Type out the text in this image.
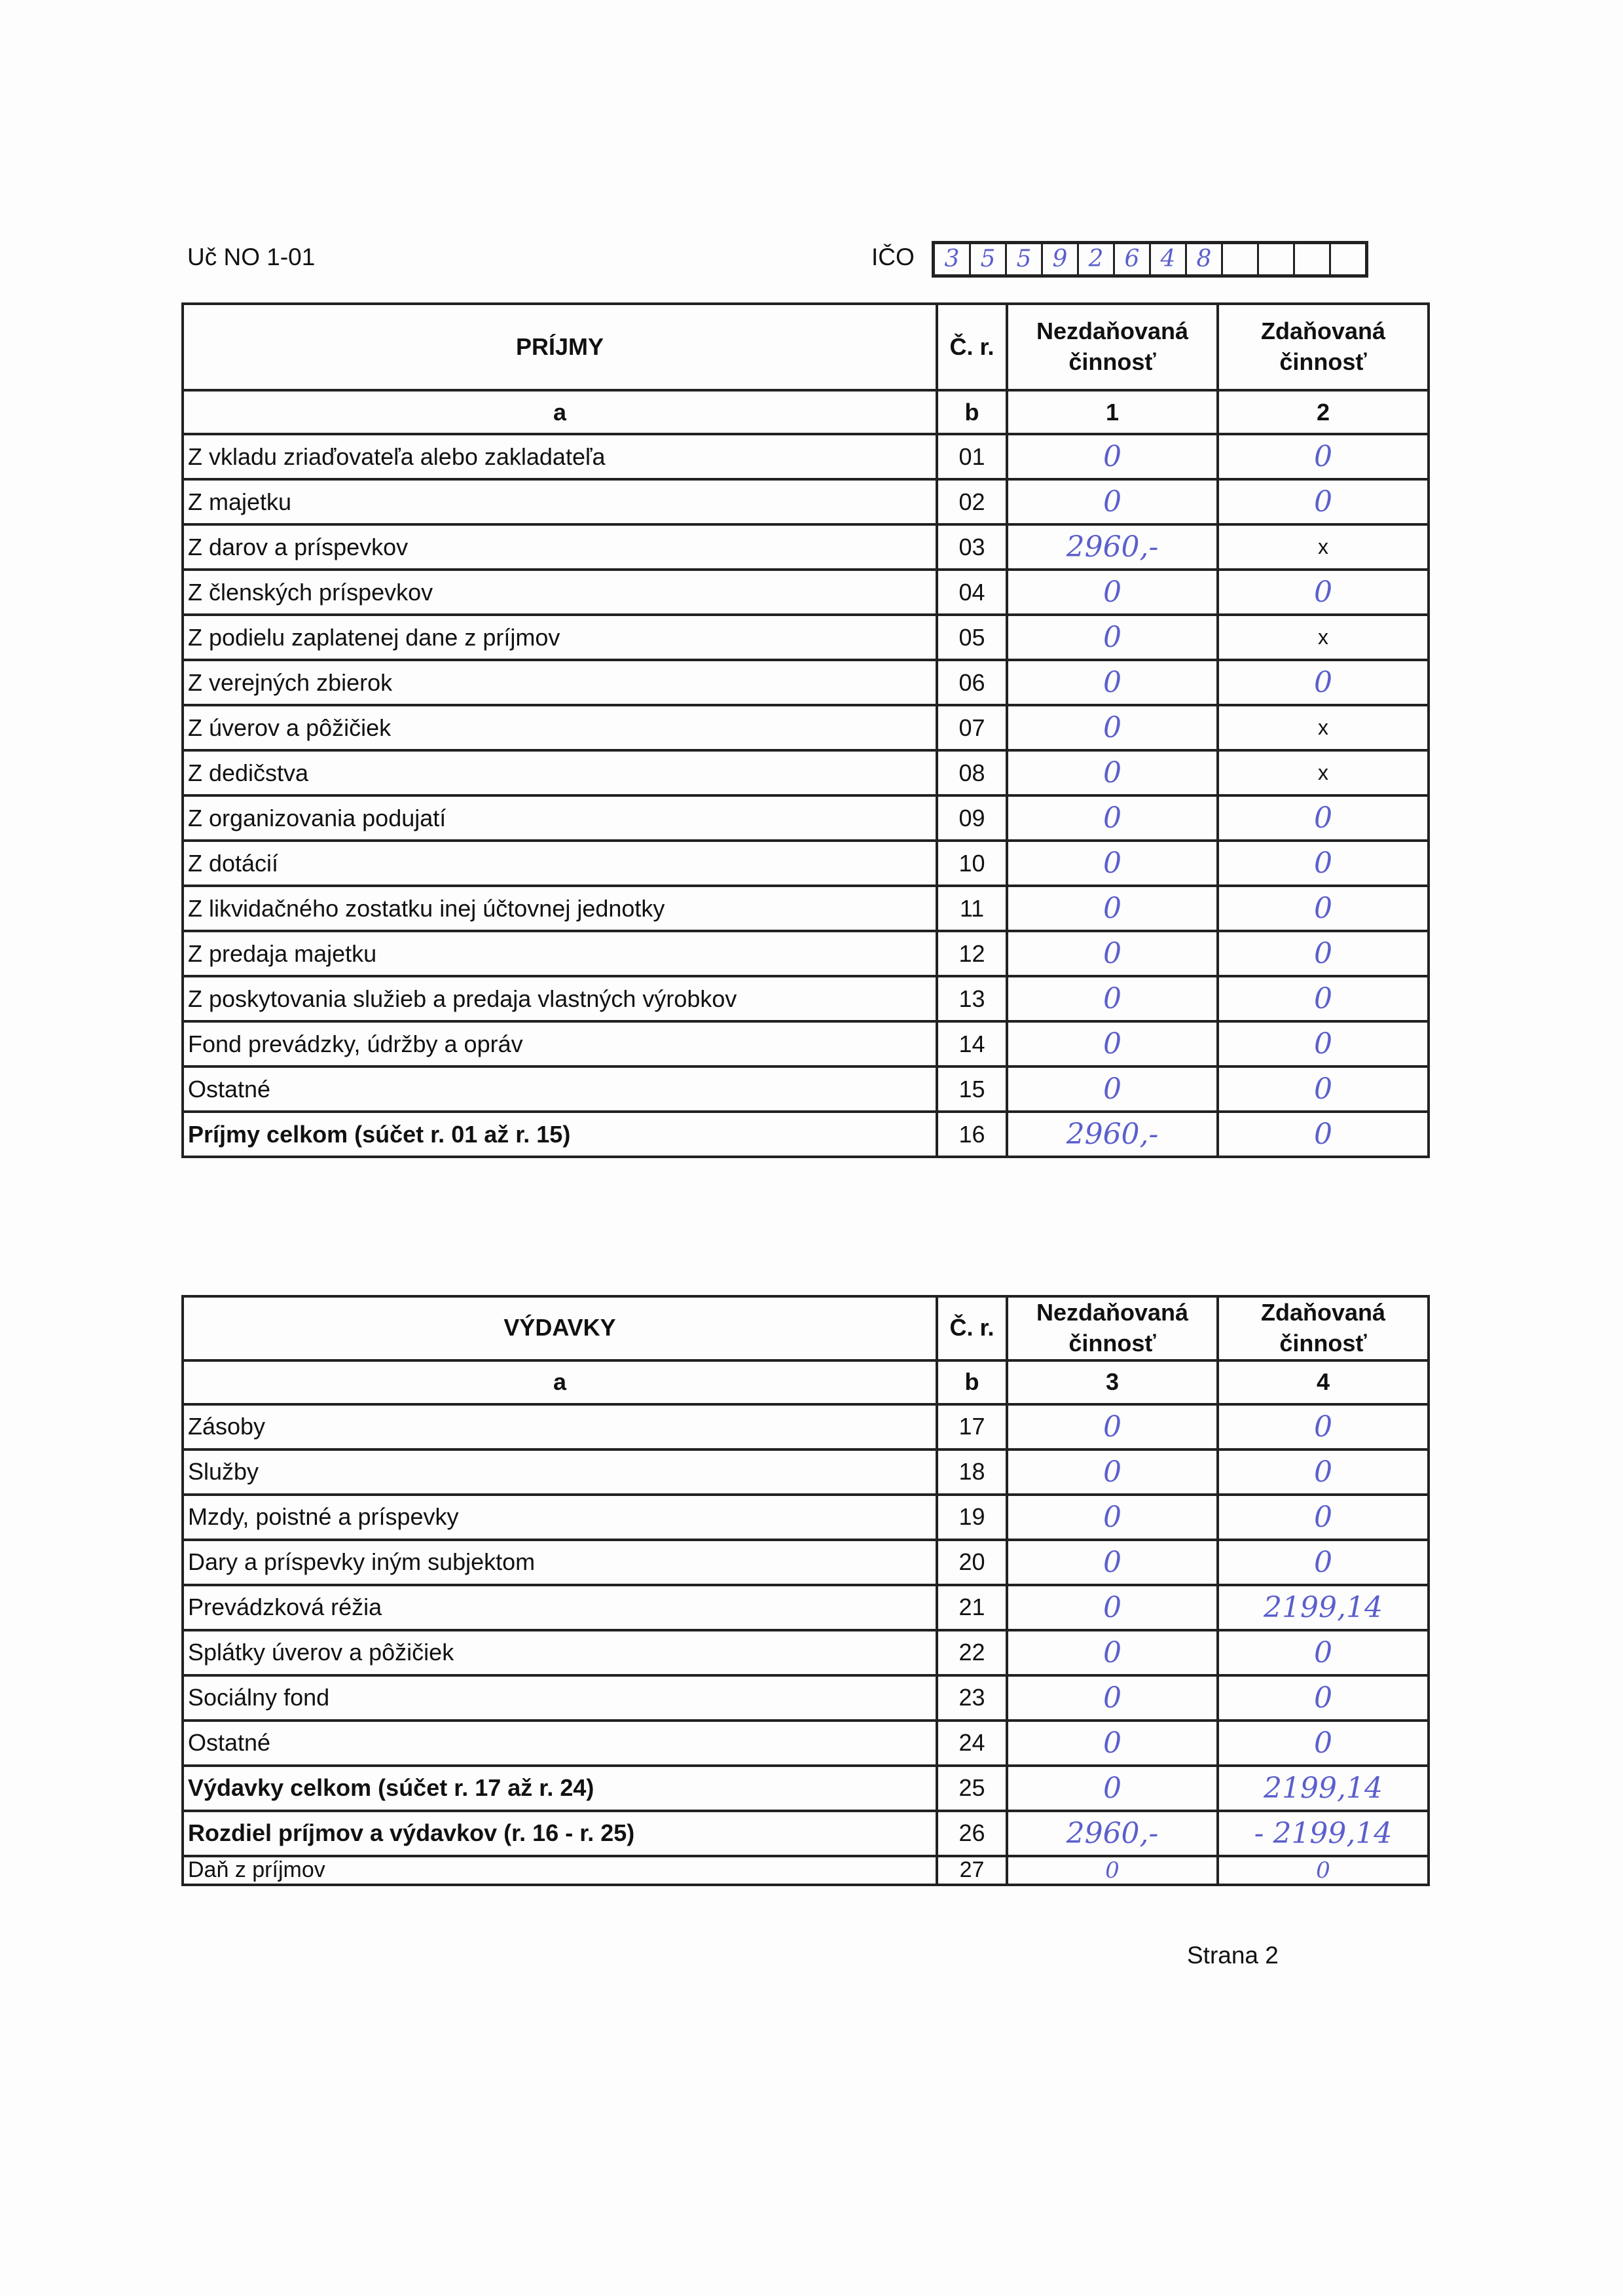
Uč NO 1-01	IČO	3 5 5 9 2 6 4 8
PRÍJMY	Č. r.	Nezdaňovaná činnosť	Zdaňovaná činnosť
a	b	1	2
Z vkladu zriaďovateľa alebo zakladateľa	01	0	0
Z majetku	02	0	0
Z darov a príspevkov	03	2960,-	x
Z členských príspevkov	04	0	0
Z podielu zaplatenej dane z príjmov	05	0	x
Z verejných zbierok	06	0	0
Z úverov a pôžičiek	07	0	x
Z dedičstva	08	0	x
Z organizovania podujatí	09	0	0
Z dotácií	10	0	0
Z likvidačného zostatku inej účtovnej jednotky	11	0	0
Z predaja majetku	12	0	0
Z poskytovania služieb a predaja vlastných výrobkov	13	0	0
Fond prevádzky, údržby a opráv	14	0	0
Ostatné	15	0	0
Príjmy celkom (súčet r. 01 až r. 15)	16	2960,-	0
VÝDAVKY	Č. r.	Nezdaňovaná činnosť	Zdaňovaná činnosť
a	b	3	4
Zásoby	17	0	0
Služby	18	0	0
Mzdy, poistné a príspevky	19	0	0
Dary a príspevky iným subjektom	20	0	0
Prevádzková réžia	21	0	2199,14
Splátky úverov a pôžičiek	22	0	0
Sociálny fond	23	0	0
Ostatné	24	0	0
Výdavky celkom (súčet r. 17 až r. 24)	25	0	2199,14
Rozdiel príjmov a výdavkov (r. 16 - r. 25)	26	2960,-	- 2199,14
Daň z príjmov	27	0	0
Strana 2
